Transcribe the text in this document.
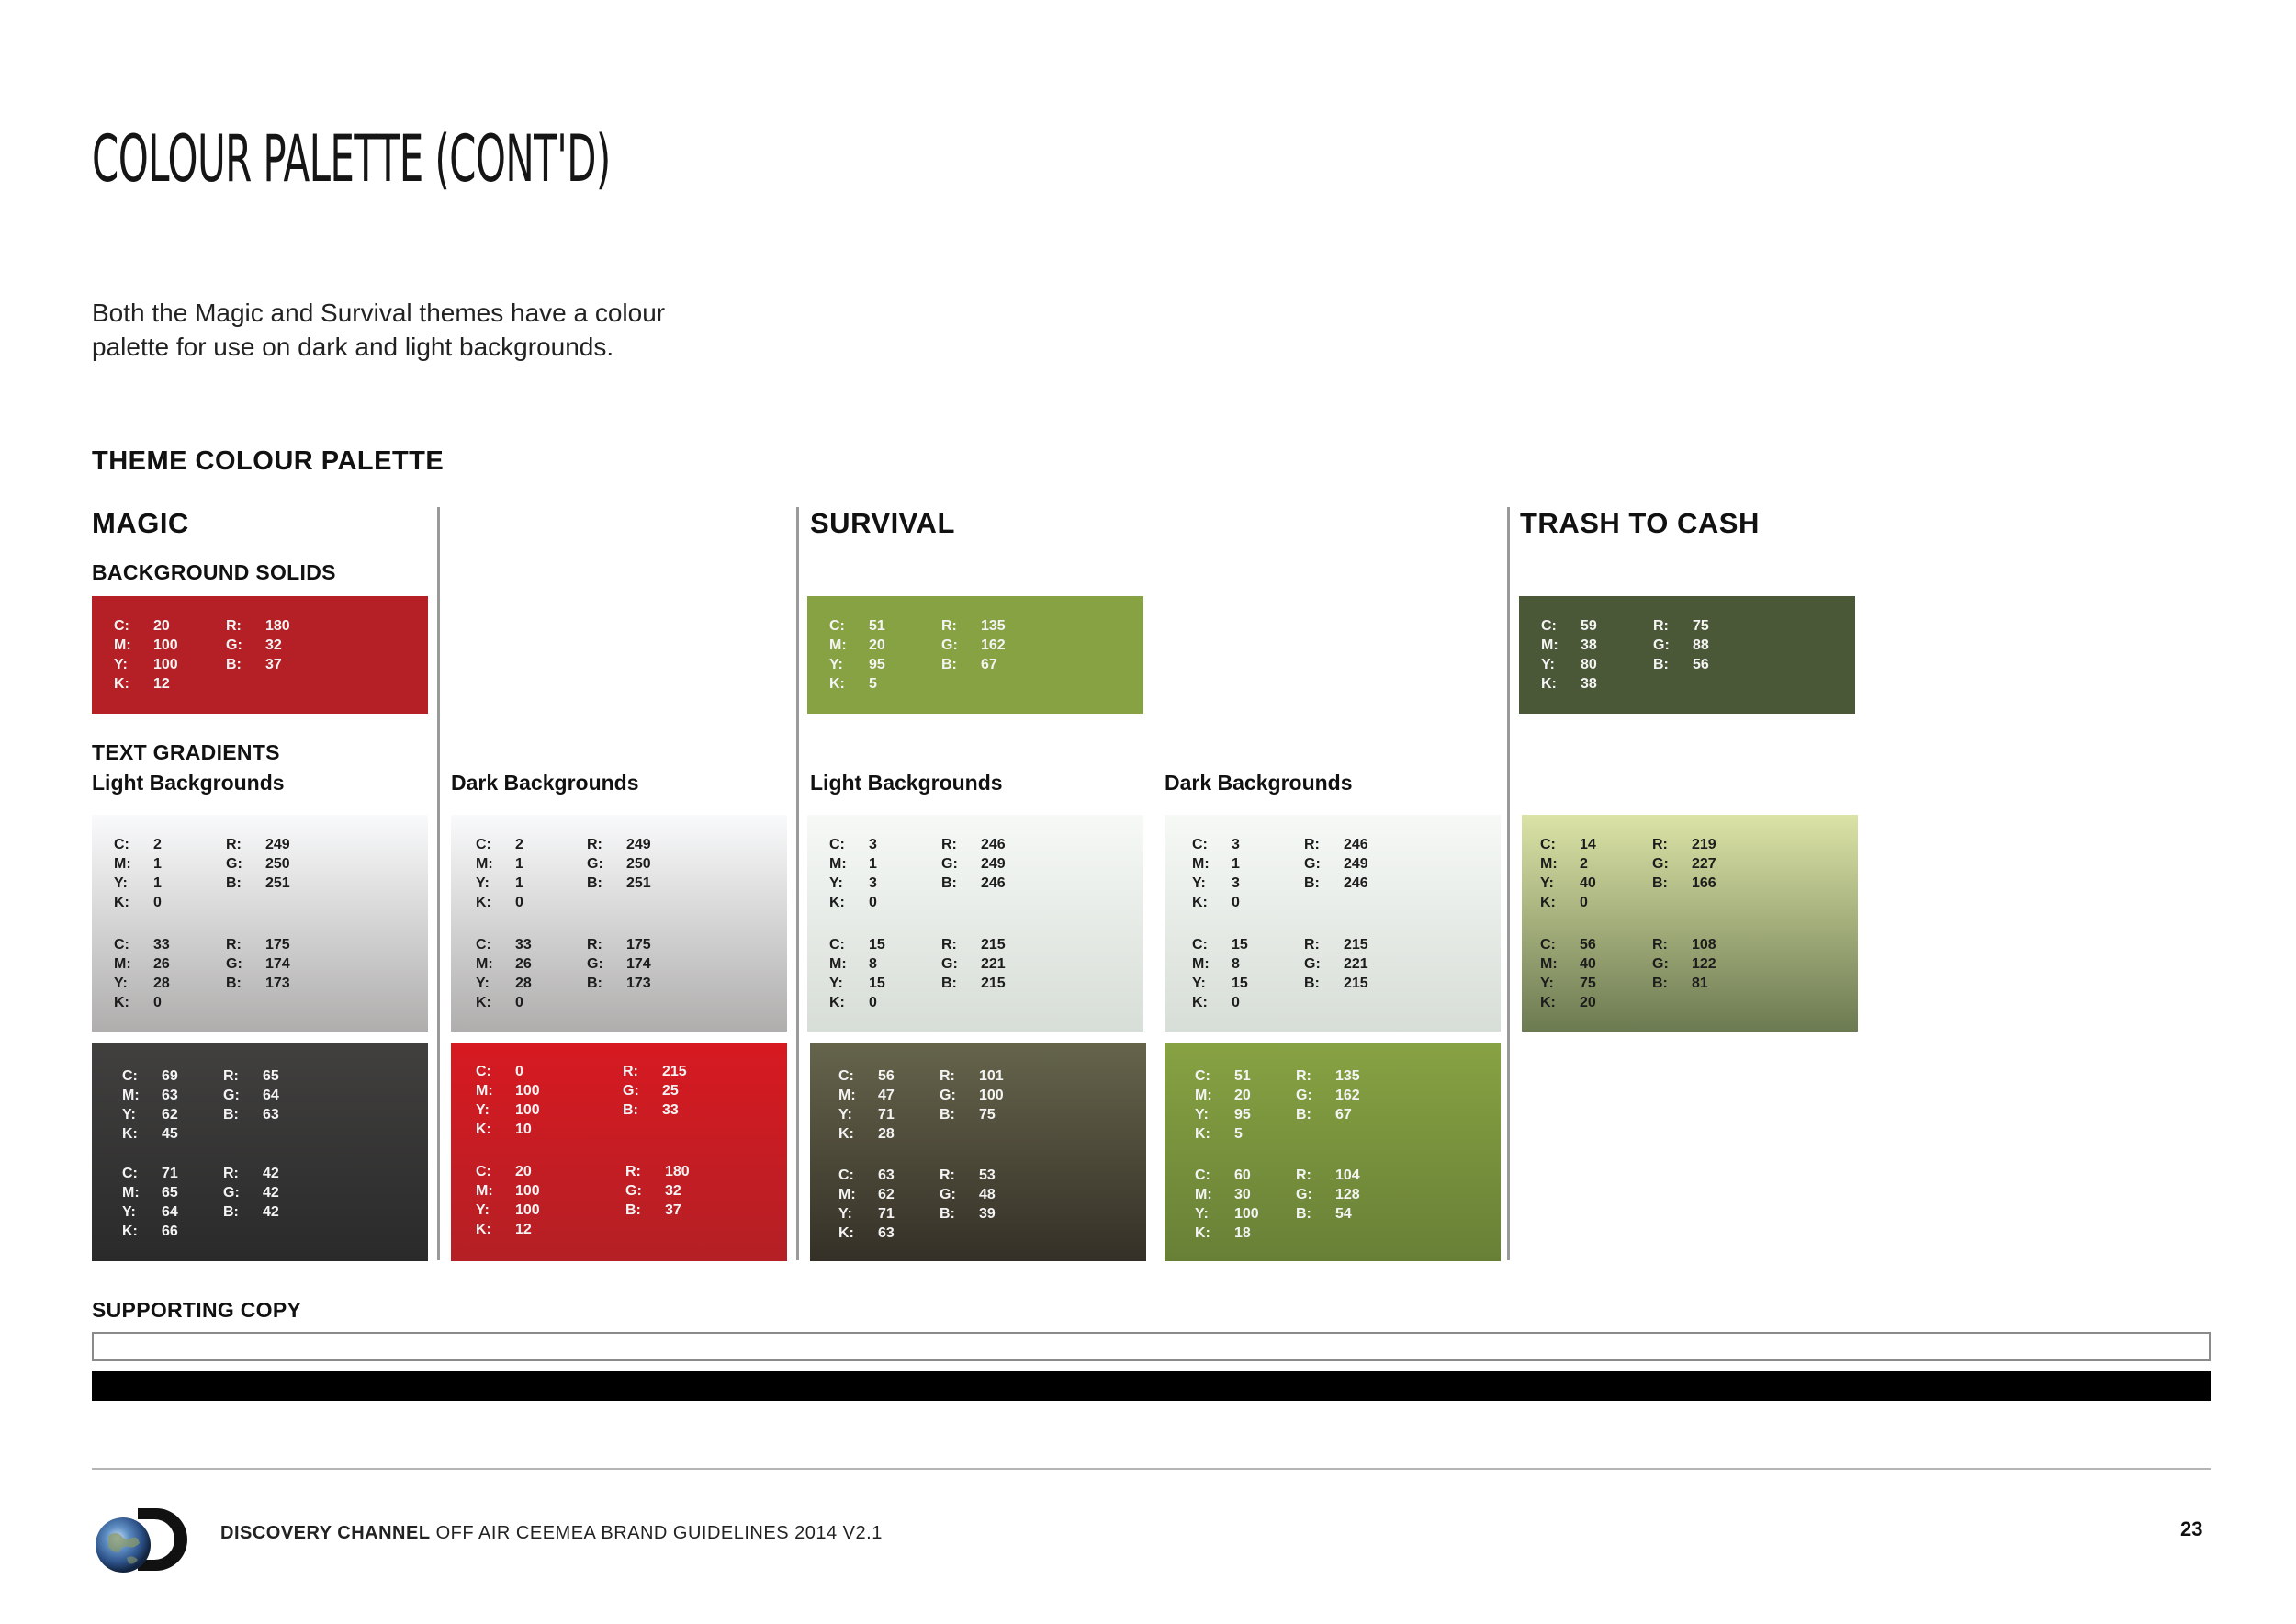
COLOUR PALETTE (CONT'D)
Both the Magic and Survival themes have a colour
palette for use on dark and light backgrounds.
THEME COLOUR PALETTE
MAGIC	SURVIVAL	TRASH TO CASH
BACKGROUND SOLIDS
C: 20
M: 100
Y: 100
K: 12
R: 180
G: 32
B: 37
C: 51
M: 20
Y: 95
K: 5
R: 135
G: 162
B: 67
C: 59
M: 38
Y: 80
K: 38
R: 75
G: 88
B: 56
TEXT GRADIENTS
Light Backgrounds	Dark Backgrounds	Light Backgrounds	Dark Backgrounds
C: 2
M: 1
Y: 1
K: 0
R: 249
G: 250
B: 251
C: 33
M: 26
Y: 28
K: 0
R: 175
G: 174
B: 173
C: 2
M: 1
Y: 1
K: 0
R: 249
G: 250
B: 251
C: 33
M: 26
Y: 28
K: 0
R: 175
G: 174
B: 173
C: 3
M: 1
Y: 3
K: 0
R: 246
G: 249
B: 246
C: 15
M: 8
Y: 15
K: 0
R: 215
G: 221
B: 215
C: 3
M: 1
Y: 3
K: 0
R: 246
G: 249
B: 246
C: 15
M: 8
Y: 15
K: 0
R: 215
G: 221
B: 215
C: 14
M: 2
Y: 40
K: 0
R: 219
G: 227
B: 166
C: 56
M: 40
Y: 75
K: 20
R: 108
G: 122
B: 81
C: 69
M: 63
Y: 62
K: 45
R: 65
G: 64
B: 63
C: 71
M: 65
Y: 64
K: 66
R: 42
G: 42
B: 42
C: 0
M: 100
Y: 100
K: 10
R: 215
G: 25
B: 33
C: 20
M: 100
Y: 100
K: 12
R: 180
G: 32
B: 37
C: 56
M: 47
Y: 71
K: 28
R: 101
G: 100
B: 75
C: 63
M: 62
Y: 71
K: 63
R: 53
G: 48
B: 39
C: 51
M: 20
Y: 95
K: 5
R: 135
G: 162
B: 67
C: 60
M: 30
Y: 100
K: 18
R: 104
G: 128
B: 54
SUPPORTING COPY
DISCOVERY CHANNEL OFF AIR CEEMEA BRAND GUIDELINES 2014 V2.1	23
